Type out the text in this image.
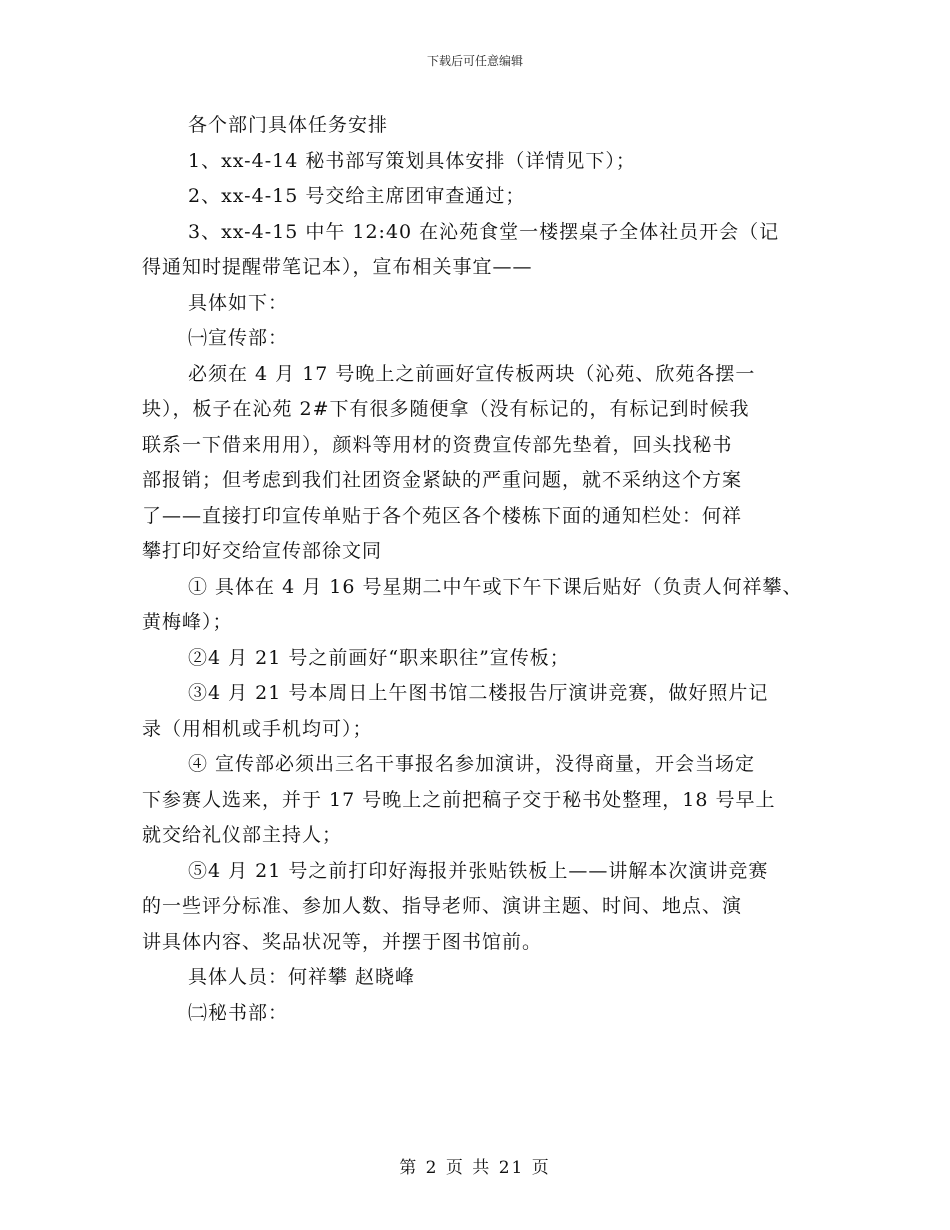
下载后可任意编辑

各个部门具体任务安排

1、xx-4-14 秘书部写策划具体安排（详情见下）；

2、xx-4-15 号交给主席团审查通过；

3、xx-4-15 中午 12:40 在沁苑食堂一楼摆桌子全体社员开会（记

得通知时提醒带笔记本），宣布相关事宜——

具体如下：

㈠宣传部：

必须在 4 月 17 号晚上之前画好宣传板两块（沁苑、欣苑各摆一

块），板子在沁苑 2#下有很多随便拿（没有标记的，有标记到时候我

联系一下借来用用），颜料等用材的资费宣传部先垫着，回头找秘书

部报销；但考虑到我们社团资金紧缺的严重问题，就不采纳这个方案

了——直接打印宣传单贴于各个苑区各个楼栋下面的通知栏处：何祥

攀打印好交给宣传部徐文同

① 具体在 4 月 16 号星期二中午或下午下课后贴好（负责人何祥攀、

黄梅峰）；

②4 月 21 号之前画好“职来职往”宣传板；

③4 月 21 号本周日上午图书馆二楼报告厅演讲竞赛，做好照片记

录（用相机或手机均可）；

④ 宣传部必须出三名干事报名参加演讲，没得商量，开会当场定

下参赛人选来，并于 17 号晚上之前把稿子交于秘书处整理，18 号早上

就交给礼仪部主持人；

⑤4 月 21 号之前打印好海报并张贴铁板上——讲解本次演讲竞赛

的一些评分标准、参加人数、指导老师、演讲主题、时间、地点、演

讲具体内容、奖品状况等，并摆于图书馆前。

具体人员：何祥攀 赵晓峰

㈡秘书部：

第 2 页 共 21 页
